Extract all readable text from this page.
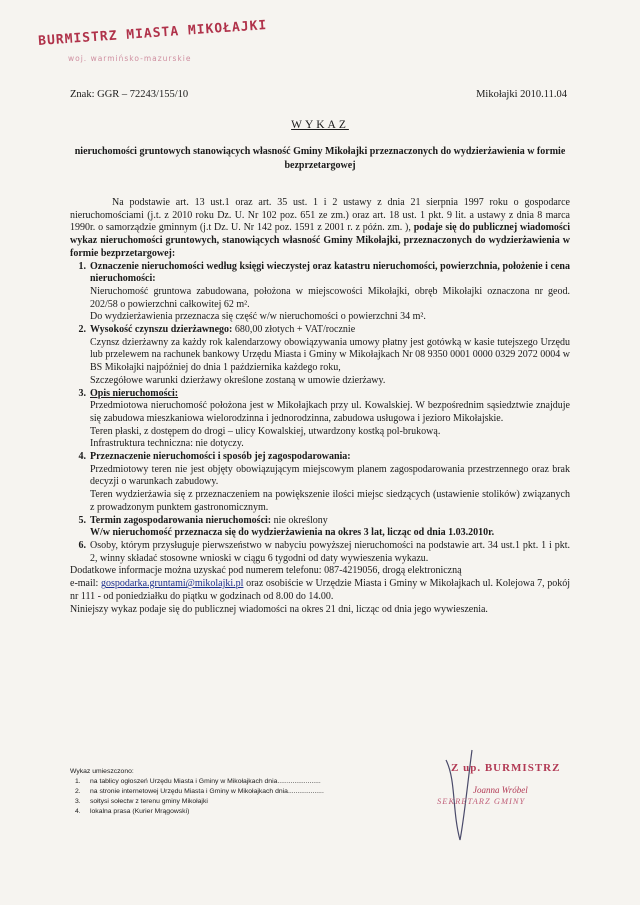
BURMISTRZ MIASTA MIKOŁAJKI
woj. warmińsko-mazurskie
Znak: GGR – 72243/155/10	Mikołajki 2010.11.04
WYKAZ
nieruchomości gruntowych stanowiących własność Gminy Mikołajki przeznaczonych do wydzierżawienia w formie bezprzetargowej

Na podstawie art. 13 ust.1 oraz art. 35 ust. 1 i 2 ustawy z dnia 21 sierpnia 1997 roku o gospodarce nieruchomościami (j.t. z 2010 roku Dz. U. Nr 102 poz. 651 ze zm.) oraz art. 18 ust. 1 pkt. 9 lit. a ustawy z dnia 8 marca 1990r. o samorządzie gminnym (j.t Dz. U. Nr 142 poz. 1591 z 2001 r. z późn. zm. ), podaje się do publicznej wiadomości wykaz nieruchomości gruntowych, stanowiących własność Gminy Mikołajki, przeznaczonych do wydzierżawienia w formie bezprzetargowej:

1. Oznaczenie nieruchomości według księgi wieczystej oraz katastru nieruchomości, powierzchnia, położenie i cena nieruchomości:
Nieruchomość gruntowa zabudowana, położona w miejscowości Mikołajki, obręb Mikołajki oznaczona nr geod. 202/58 o powierzchni całkowitej 62 m².
Do wydzierżawienia przeznacza się część w/w nieruchomości o powierzchni 34 m².
2. Wysokość czynszu dzierżawnego: 680,00 złotych + VAT/rocznie
Czynsz dzierżawny za każdy rok kalendarzowy obowiązywania umowy płatny jest gotówką w kasie tutejszego Urzędu lub przelewem na rachunek bankowy Urzędu Miasta i Gminy w Mikołajkach Nr 08 9350 0001 0000 0329 2072 0004 w BS Mikołajki najpóźniej do dnia 1 października każdego roku,
Szczegółowe warunki dzierżawy określone zostaną w umowie dzierżawy.
3. Opis nieruchomości:
Przedmiotowa nieruchomość położona jest w Mikołajkach przy ul. Kowalskiej. W bezpośrednim sąsiedztwie znajduje się zabudowa mieszkaniowa wielorodzinna i jednorodzinna, zabudowa usługowa i jezioro Mikołajskie.
Teren płaski, z dostępem do drogi – ulicy Kowalskiej, utwardzony kostką pol-brukową.
Infrastruktura techniczna: nie dotyczy.
4. Przeznaczenie nieruchomości i sposób jej zagospodarowania:
Przedmiotowy teren nie jest objęty obowiązującym miejscowym planem zagospodarowania przestrzennego oraz brak decyzji o warunkach zabudowy.
Teren wydzierżawia się z przeznaczeniem na powiększenie ilości miejsc siedzących (ustawienie stolików) związanych z prowadzonym punktem gastronomicznym.
5. Termin zagospodarowania nieruchomości: nie określony
W/w nieruchomość przeznacza się do wydzierżawienia na okres 3 lat, licząc od dnia 1.03.2010r.
6. Osoby, którym przysługuje pierwszeństwo w nabyciu powyższej nieruchomości na podstawie art. 34 ust.1 pkt. 1 i pkt. 2, winny składać stosowne wnioski w ciągu 6 tygodni od daty wywieszenia wykazu.

Dodatkowe informacje można uzyskać pod numerem telefonu: 087-4219056, drogą elektroniczną
e-mail: gospodarka.gruntami@mikolajki.pl oraz osobiście w Urzędzie Miasta i Gminy w Mikołajkach ul. Kolejowa 7, pokój nr 111 - od poniedziałku do piątku w godzinach od 8.00 do 14.00.

Niniejszy wykaz podaje się do publicznej wiadomości na okres 21 dni, licząc od dnia jego wywieszenia.

Wykaz umieszczono:
1. na tablicy ogłoszeń Urzędu Miasta i Gminy w Mikołajkach dnia.......................
2. na stronie internetowej Urzędu Miasta i Gminy w Mikołajkach dnia...................
3. sołtysi sołectw z terenu gminy Mikołajki
4. lokalna prasa (Kurier Mrągowski)
Z up. BURMISTRZ
Joanna Wróbel
SEKRETARZ GMINY
